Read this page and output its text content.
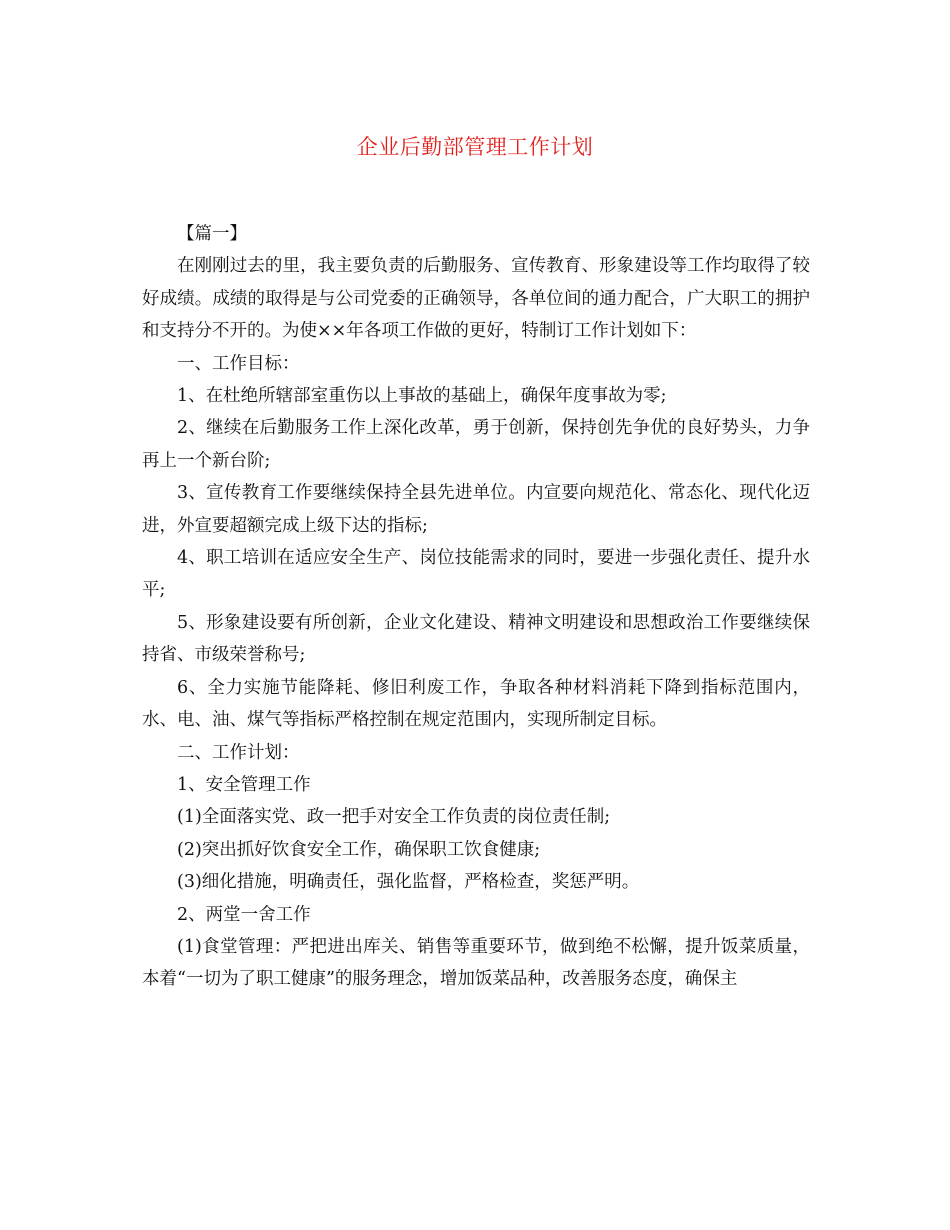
企业后勤部管理工作计划

【篇一】

在刚刚过去的里，我主要负责的后勤服务、宣传教育、形象建设等工作均取得了较好成绩。成绩的取得是与公司党委的正确领导，各单位间的通力配合，广大职工的拥护和支持分不开的。为使××年各项工作做的更好，特制订工作计划如下：

一、工作目标：

1、在杜绝所辖部室重伤以上事故的基础上，确保年度事故为零;

2、继续在后勤服务工作上深化改革，勇于创新，保持创先争优的良好势头，力争再上一个新台阶;

3、宣传教育工作要继续保持全县先进单位。内宣要向规范化、常态化、现代化迈进，外宣要超额完成上级下达的指标;

4、职工培训在适应安全生产、岗位技能需求的同时，要进一步强化责任、提升水平;

5、形象建设要有所创新，企业文化建设、精神文明建设和思想政治工作要继续保持省、市级荣誉称号;

6、全力实施节能降耗、修旧利废工作，争取各种材料消耗下降到指标范围内，水、电、油、煤气等指标严格控制在规定范围内，实现所制定目标。

二、工作计划：

1、安全管理工作

(1)全面落实党、政一把手对安全工作负责的岗位责任制;

(2)突出抓好饮食安全工作，确保职工饮食健康;

(3)细化措施，明确责任，强化监督，严格检查，奖惩严明。

2、两堂一舍工作

(1)食堂管理：严把进出库关、销售等重要环节，做到绝不松懈，提升饭菜质量，本着“一切为了职工健康”的服务理念，增加饭菜品种，改善服务态度，确保主
